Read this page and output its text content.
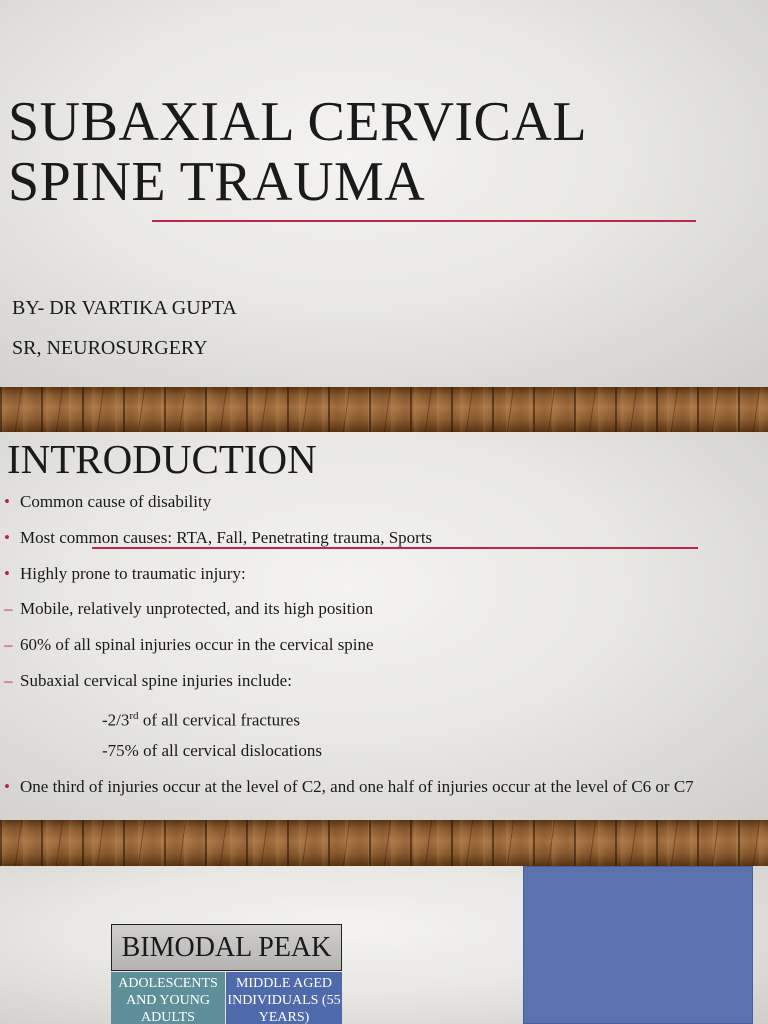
SUBAXIAL CERVICAL
SPINE TRAUMA
BY- DR VARTIKA GUPTA
SR, NEUROSURGERY
INTRODUCTION
• Common cause of disability
• Most common causes: RTA, Fall, Penetrating trauma, Sports
• Highly prone to traumatic injury:
– Mobile, relatively unprotected, and its high position
– 60% of all spinal injuries occur in the cervical spine
– Subaxial cervical spine injuries include:
-2/3rd of all cervical fractures
-75% of all cervical dislocations
• One third of injuries occur at the level of C2, and one half of injuries occur at the level of C6 or C7
BIMODAL PEAK
ADOLESCENTS AND YOUNG ADULTS
MIDDLE AGED INDIVIDUALS (55 YEARS)
